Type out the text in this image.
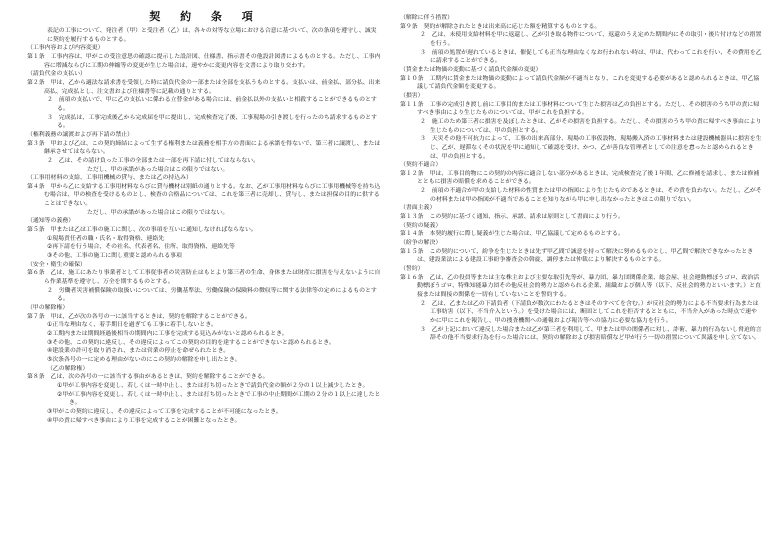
契 約 条 項
表記の工事について、発注者（甲）と受注者（乙）は、各々の対等な立場における合意に基づいて、次の条項を遵守し、誠実に契約を履行するものとする。
（工事内容および内容変更）
第１条　工事内容は、甲がこの受注意思の確認に提示した設計図、仕様書、指示書その他設計図書によるものとする。ただし、工事内容に増減ならびに工期の伸縮等の変更が生じた場合は、速やかに変更内容を文書により取り交わす。
（請負代金の支払い）
第２条　甲は、乙から適法な請求書を受領した時に請負代金の一部または全部を支払うものとする。支払いは、前金払、部分払、出来高払、完成払とし、注文書および仕様書等に記載の通りとする。
２　前項の支払いで、甲に乙の支払いに係わる立替金がある場合には、前金払以外の支払いと相殺することができるものとする。
３　完成払は、工事完成後乙から完成届を甲に提出し、完成検査完了後、工事現場の引き渡しを行ったのち請求するものとする。
（権利義務の譲渡および再下請の禁止）
第３条　甲および乙は、この契約締結によって生ずる権利または義務を相手方の書面による承諾を得ないで、第三者に譲渡し、または継承させてはならない。
２　乙は、その請け負った工事の全部または一部を再下請に付してはならない。
ただし、甲の承諾があった場合はこの限りではない。
（工事用材料の支給、工事用機械の貸与、または乙の持込み）
第４条　甲から乙に支給する工事用材料ならびに貸与機材は別紙の通りとする。なお、乙が工事用材料ならびに工事用機械等を持ち込む場合は、甲の検査を受けるものとし、検査の合格品については、これを第三者に売却し、貸与し、または担保の目的に供することはできない。
ただし、甲の承諾があった場合はこの限りではない。
（通知等の義務）
第５条　甲または乙は工事の施工に関し、次の事項を互いに通知しなければならない。
①現場責任者の職・氏名・取得資格、連絡先
②再下請を行う場合、その社名、代表者名、住所、取得資格、連絡先等
③その他、工事の施工に関し重要と認められる事項
（安全・衛生の確保）
第６条　乙は、施工にあたり事業者として工事従事者の災害防止はもとより第三者の生命、身体または財産に損害を与えないように自ら作業基準を遵守し、万全を期するものとする。
２　労働者災害補償保険の取扱いについては、労働基準法、労働保険の保険料の徴収等に関する法律等の定めによるものとする。
（甲の解除権）
第７条　甲は、乙が次の各号の一に該当するときは、契約を解除することができる。
①正当な理由なく、着手期日を過ぎても工事に着手しないとき。
②工期内または期間経過後相当の期間内に工事を完成する見込みがないと認められるとき。
③その他、この契約に違反し、その違反によってこの契約の目的を達することができないと認められるとき。
④建設業の許可を取り消され、または営業の停止を命ぜられたとき。
⑤次条各号の一に定める理由がないのにこの契約の解除を申し出たとき。
（乙の解除権）
第８条　乙は、次の各号の一に該当する事由があるときは、契約を解除することができる。
①甲が工事内容を変更し、若しくは一時中止し、または打ち切ったときで請負代金の額が２分の１以上減少したとき。
②甲が工事内容を変更し、若しくは一時中止し、または打ち切ったときで工事の中止期間が工期の２分の１以上に達したとき。
③甲がこの契約に違反し、その違反によって工事を完成することが不可能になったとき。
④甲の責に帰すべき事由により工事を完成することが困難となったとき。
（解除に伴う措置）
第９条　契約が解除されたときは出来高に応じた額を精算するものとする。
２　乙は、未使用支給材料を甲に返還し、乙が引き取る物件について、返還のうえ定めた期間内にその取引・後片付けなどの措置を行う。
３　前項の処置が遅れているときは、催促しても正当な理由なくなお行われない時は、甲は、代わってこれを行い、その費用を乙に請求することができる。
（賃金または物価の変動に基づく請負代金額の変更）
第１０条　工期内に賃金または物価の変動によって請負代金額が不適当となり、これを変更する必要があると認められるときは、甲乙協議して請負代金額を変更する。
（損害）
第１１条　工事の完成引き渡し前に工事目的または工事材料について生じた損害は乙の負担とする。ただし、その損害のうち甲の責に帰すべき事由により生じたものについては、甲がこれを負担する。
２　施工のため第三者に損害を及ぼしたときは、乙がその損害を負担する。ただし、その損害のうち甲の責に帰すべき事由により生じたものについては、甲の負担とする。
３　天災その他不可抗力によって、工事の出来高部分、現場の工事仮設物、現場搬入済の工事材料または建設機械器具に損害を生じ、乙が、遅滞なくその状況を甲に通知して確認を受け、かつ、乙が善良な管理者としての注意を怠ったと認められるときは、甲の負担とする。
（契約不適合）
第１２条　甲は、工事目的物にこの契約の内容に適合しない部分があるときは、完成検査完了後１年間、乙に修補を請求し、または修補とともに損害の賠償を求めることができる。
２　前項の不適合が甲の支給した材料の性質または甲の指図により生じたものであるときは、その責を負わない。ただし、乙がその材料または甲の指図が不適当であることを知りながら甲に申し出なかったときはこの限りでない。
（書面主義）
第１３条　この契約に基づく通知、指示、承諾、請求は原則として書面により行う。
（契約の疑義）
第１４条　本契約履行に際し疑義が生じた場合は、甲乙協議して定めるものとする。
（紛争の解決）
第１５条　この契約について、紛争を生じたときは先ず甲乙間で誠意を持って解決に努めるものとし、甲乙間で解決できなかったときは、建設業法による建設工事紛争審査会の斡旋、調停または仲裁により解決するものとする。
（誓約）
第１６条　乙は、乙の役員等または主な株主および主要な取引先等が、暴力団、暴力団関係企業、総会屋、社会運動標ぼうゴロ、政治活動標ぼうゴロ、特殊知能暴力団その他反社会的勢力と認められる企業、組織および個人等（以下、反社会的勢力といいます。）と直接または間接の関係を一切有していないことを誓約する。
２　乙は、乙または乙の下請負者（下請負が数次にわたるときはそのすべてを含む。）が反社会的勢力による不当要求行為または工事妨害（以下、不当介入という。）を受けた場合には、断固としてこれを拒否するとともに、不当介入があった時点で速やかに甲にこれを報告し、甲の捜査機関への通報および報告等への協力に必要な協力を行う。
３　乙が上記において違反した場合または乙が第三者を利用して、甲または甲の関係者に対し、詐術、暴力的行為ないし脅迫的言辞その他不当要求行為を行った場合には、契約の解除および損害賠償など甲が行う一切の措置について異議を申し立てない。
